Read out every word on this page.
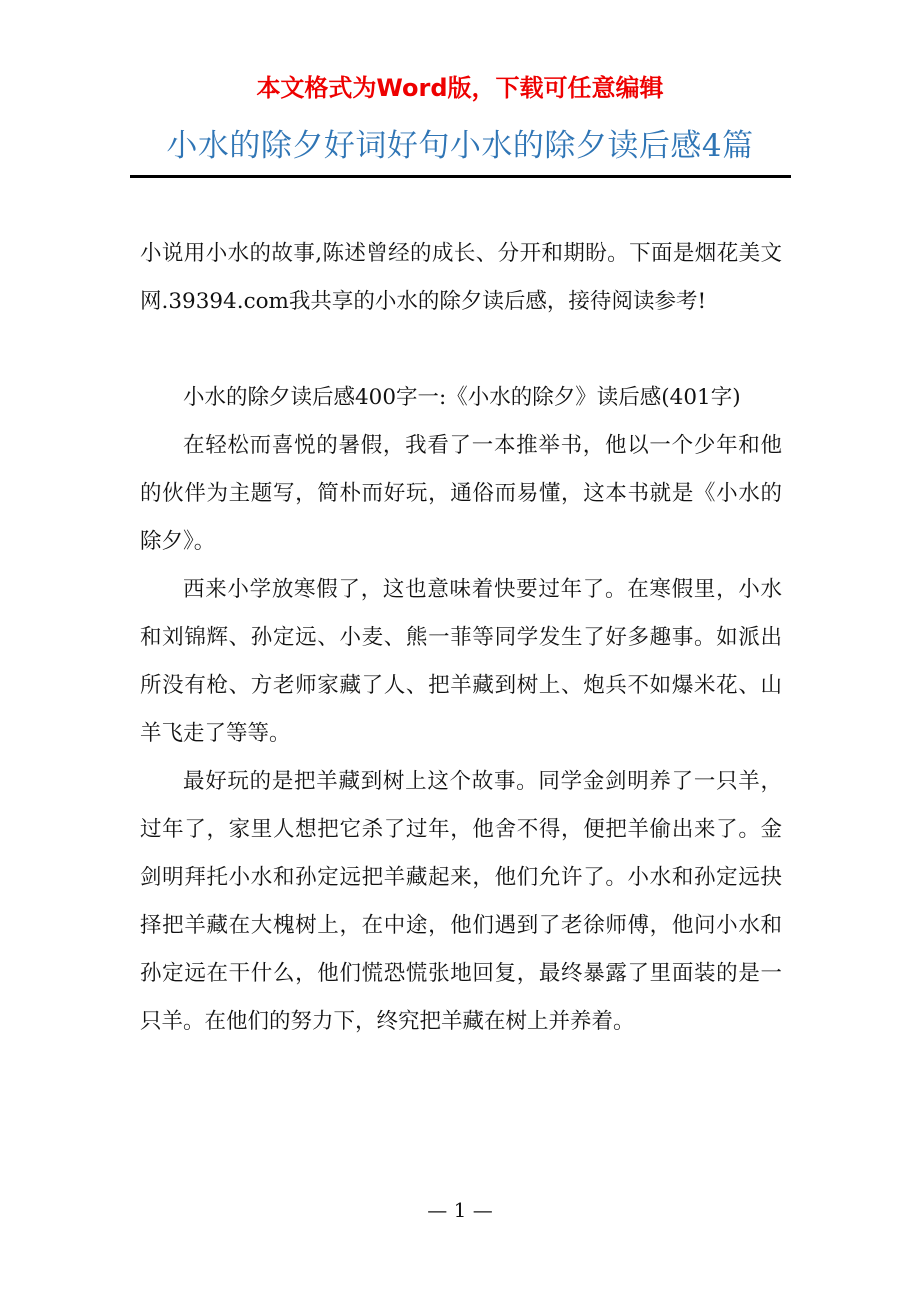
本文格式为Word版，下载可任意编辑
小水的除夕好词好句小水的除夕读后感4篇

小说用小水的故事,陈述曾经的成长、分开和期盼。下面是烟花美文网.39394.com我共享的小水的除夕读后感，接待阅读参考!

小水的除夕读后感400字一:《小水的除夕》读后感(401字)

在轻松而喜悦的暑假，我看了一本推举书，他以一个少年和他的伙伴为主题写，简朴而好玩，通俗而易懂，这本书就是《小水的除夕》。

西来小学放寒假了，这也意味着快要过年了。在寒假里，小水和刘锦辉、孙定远、小麦、熊一菲等同学发生了好多趣事。如派出所没有枪、方老师家藏了人、把羊藏到树上、炮兵不如爆米花、山羊飞走了等等。

最好玩的是把羊藏到树上这个故事。同学金剑明养了一只羊，过年了，家里人想把它杀了过年，他舍不得，便把羊偷出来了。金剑明拜托小水和孙定远把羊藏起来，他们允许了。小水和孙定远抉择把羊藏在大槐树上，在中途，他们遇到了老徐师傅，他问小水和孙定远在干什么，他们慌恐慌张地回复，最终暴露了里面装的是一只羊。在他们的努力下，终究把羊藏在树上并养着。

— 1 —
